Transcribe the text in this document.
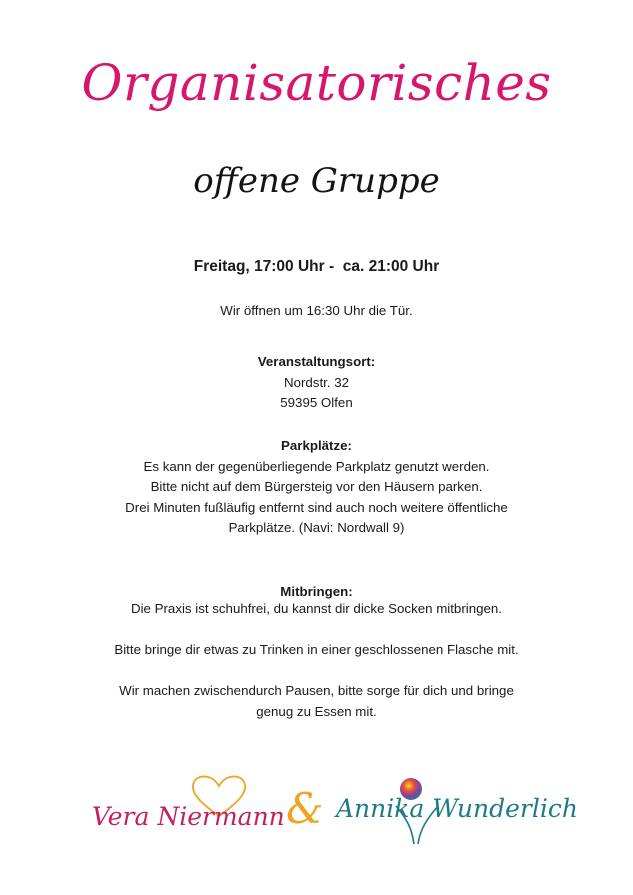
Organisatorisches
offene Gruppe
Freitag, 17:00 Uhr -  ca. 21:00 Uhr
Wir öffnen um 16:30 Uhr die Tür.
Veranstaltungsort:
Nordstr. 32
59395 Olfen
Parkplätze:
Es kann der gegenüberliegende Parkplatz genutzt werden.
Bitte nicht auf dem Bürgersteig vor den Häusern parken.
Drei Minuten fußläufig entfernt sind auch noch weitere öffentliche
Parkplätze. (Navi: Nordwall 9)
Mitbringen:
Die Praxis ist schuhfrei, du kannst dir dicke Socken mitbringen.
Bitte bringe dir etwas zu Trinken in einer geschlossenen Flasche mit.
Wir machen zwischendurch Pausen, bitte sorge für dich und bringe
genug zu Essen mit.
Vera Niermann & Annika Wunderlich
